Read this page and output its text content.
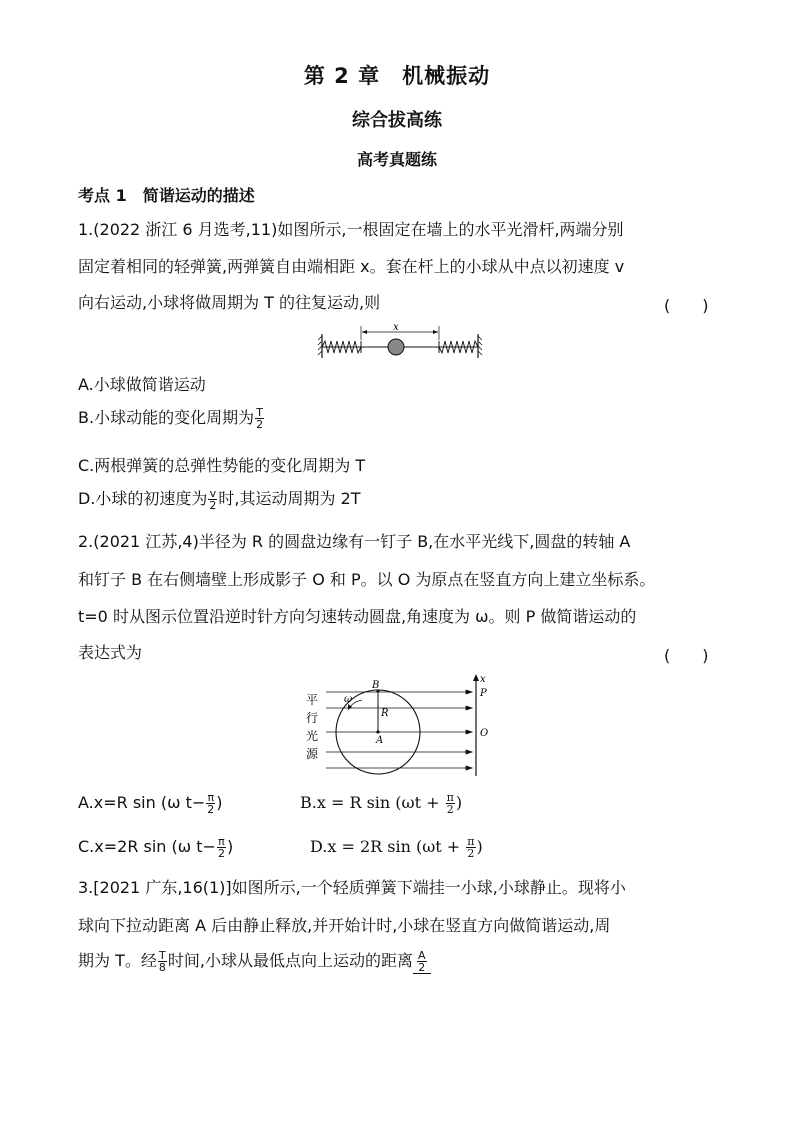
第 2 章　机械振动
综合拔高练
高考真题练
考点 1　简谐运动的描述
1.(2022 浙江 6 月选考,11)如图所示,一根固定在墙上的水平光滑杆,两端分别
固定着相同的轻弹簧,两弹簧自由端相距 x。套在杆上的小球从中点以初速度 v
向右运动,小球将做周期为 T 的往复运动,则	(　　)
x
A.小球做简谐运动
B.小球动能的变化周期为 $\frac{T}{2}$
C.两根弹簧的总弹性势能的变化周期为 T
D.小球的初速度为 $\frac{v}{2}$ 时,其运动周期为 2T
2.(2021 江苏,4)半径为 R 的圆盘边缘有一钉子 B,在水平光线下,圆盘的转轴 A
和钉子 B 在右侧墙壁上形成影子 O 和 P。以 O 为原点在竖直方向上建立坐标系。
t=0 时从图示位置沿逆时针方向匀速转动圆盘,角速度为 ω。则 P 做简谐运动的
表达式为	(　　)
平
行
光
源
ω
B
R
A
x
P
O
A.x=R sin (ω $t- \frac{\pi}{2}$ )	B.x = R $\sin (\omega t + \frac{\pi}{2}$ )
C.x=2R sin (ω $t- \frac{\pi}{2}$ )	D.x = 2R $\sin (\omega t + \frac{\pi}{2}$ )
3.[2021 广东,16(1)]如图所示,一个轻质弹簧下端挂一小球,小球静止。现将小
球向下拉动距离 A 后由静止释放,并开始计时,小球在竖直方向做简谐运动,周
期为 T。经 $\frac{T}{8}$ 时间,小球从最低点向上运动的距离 $\frac{A}{2}$
